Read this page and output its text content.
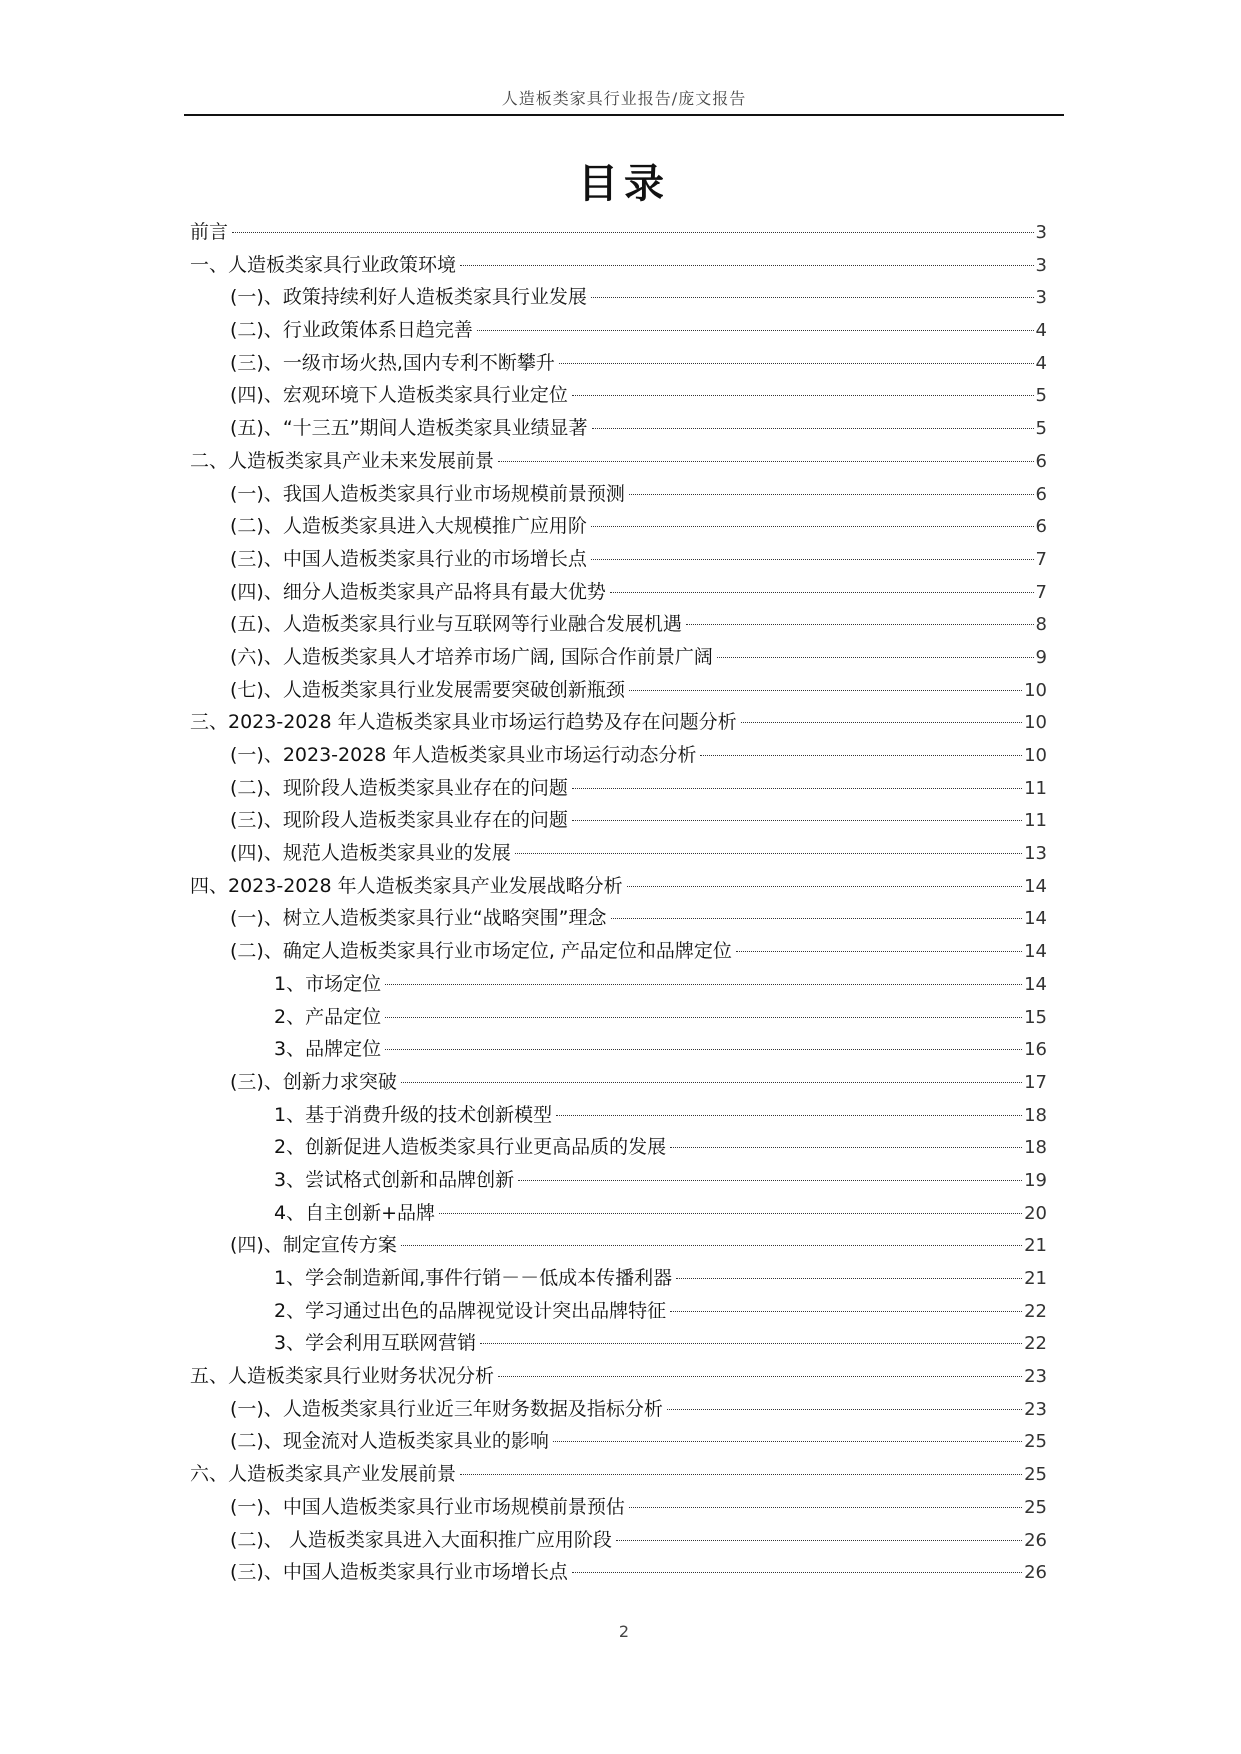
人造板类家具行业报告/庞文报告
目录
前言	3
一、人造板类家具行业政策环境	3
(一)、政策持续利好人造板类家具行业发展	3
(二)、行业政策体系日趋完善	4
(三)、一级市场火热,国内专利不断攀升	4
(四)、宏观环境下人造板类家具行业定位	5
(五)、“十三五”期间人造板类家具业绩显著	5
二、人造板类家具产业未来发展前景	6
(一)、我国人造板类家具行业市场规模前景预测	6
(二)、人造板类家具进入大规模推广应用阶	6
(三)、中国人造板类家具行业的市场增长点	7
(四)、细分人造板类家具产品将具有最大优势	7
(五)、人造板类家具行业与互联网等行业融合发展机遇	8
(六)、人造板类家具人才培养市场广阔, 国际合作前景广阔	9
(七)、人造板类家具行业发展需要突破创新瓶颈	10
三、2023-2028 年人造板类家具业市场运行趋势及存在问题分析	10
(一)、2023-2028 年人造板类家具业市场运行动态分析	10
(二)、现阶段人造板类家具业存在的问题	11
(三)、现阶段人造板类家具业存在的问题	11
(四)、规范人造板类家具业的发展	13
四、2023-2028 年人造板类家具产业发展战略分析	14
(一)、树立人造板类家具行业“战略突围”理念	14
(二)、确定人造板类家具行业市场定位, 产品定位和品牌定位	14
1、市场定位	14
2、产品定位	15
3、品牌定位	16
(三)、创新力求突破	17
1、基于消费升级的技术创新模型	18
2、创新促进人造板类家具行业更高品质的发展	18
3、尝试格式创新和品牌创新	19
4、自主创新+品牌	20
(四)、制定宣传方案	21
1、学会制造新闻,事件行销－－低成本传播利器	21
2、学习通过出色的品牌视觉设计突出品牌特征	22
3、学会利用互联网营销	22
五、人造板类家具行业财务状况分析	23
(一)、人造板类家具行业近三年财务数据及指标分析	23
(二)、现金流对人造板类家具业的影响	25
六、人造板类家具产业发展前景	25
(一)、中国人造板类家具行业市场规模前景预估	25
(二)、 人造板类家具进入大面积推广应用阶段	26
(三)、中国人造板类家具行业市场增长点	26
2
